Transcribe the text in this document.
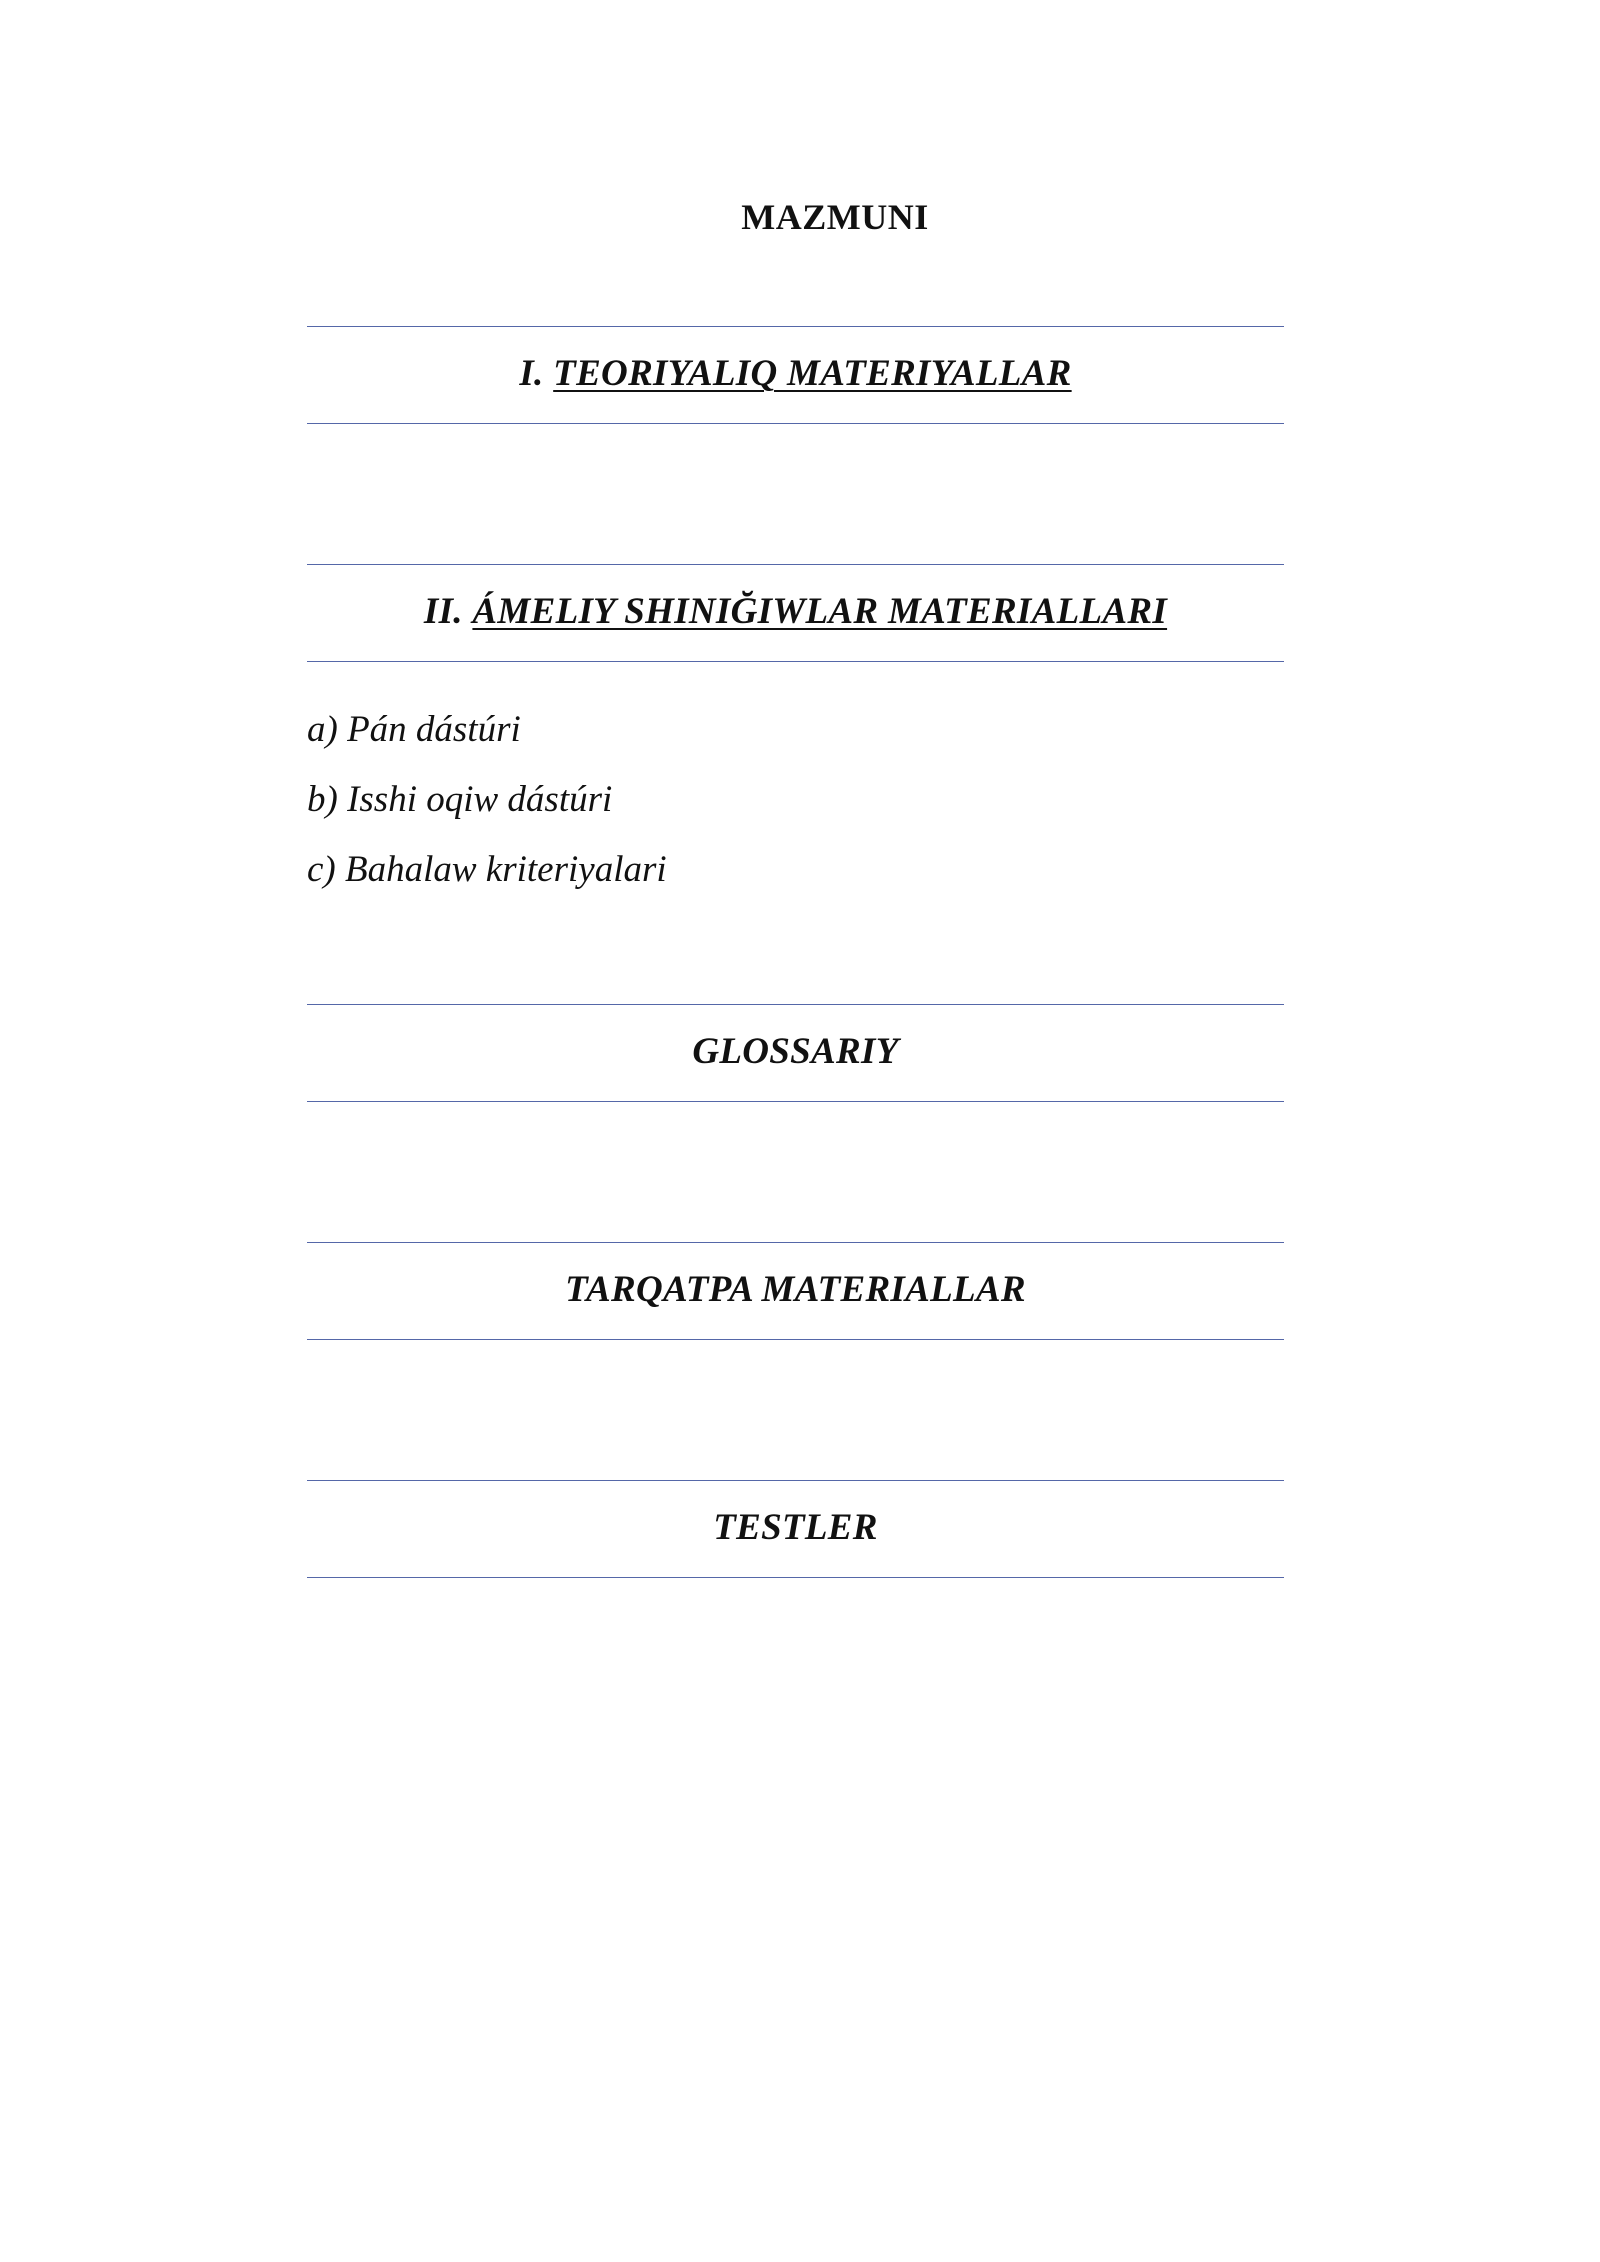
MAZMUNI
I. TEORIYALIQ MATERIYALLAR
II. ÁMELIY SHINIĞIWLAR MATERIALLARI
a) Pán dástúri
b) Isshi oqiw dástúri
c) Bahalaw kriteriyalari
GLOSSARIY
TARQATPA MATERIALLAR
TESTLER
